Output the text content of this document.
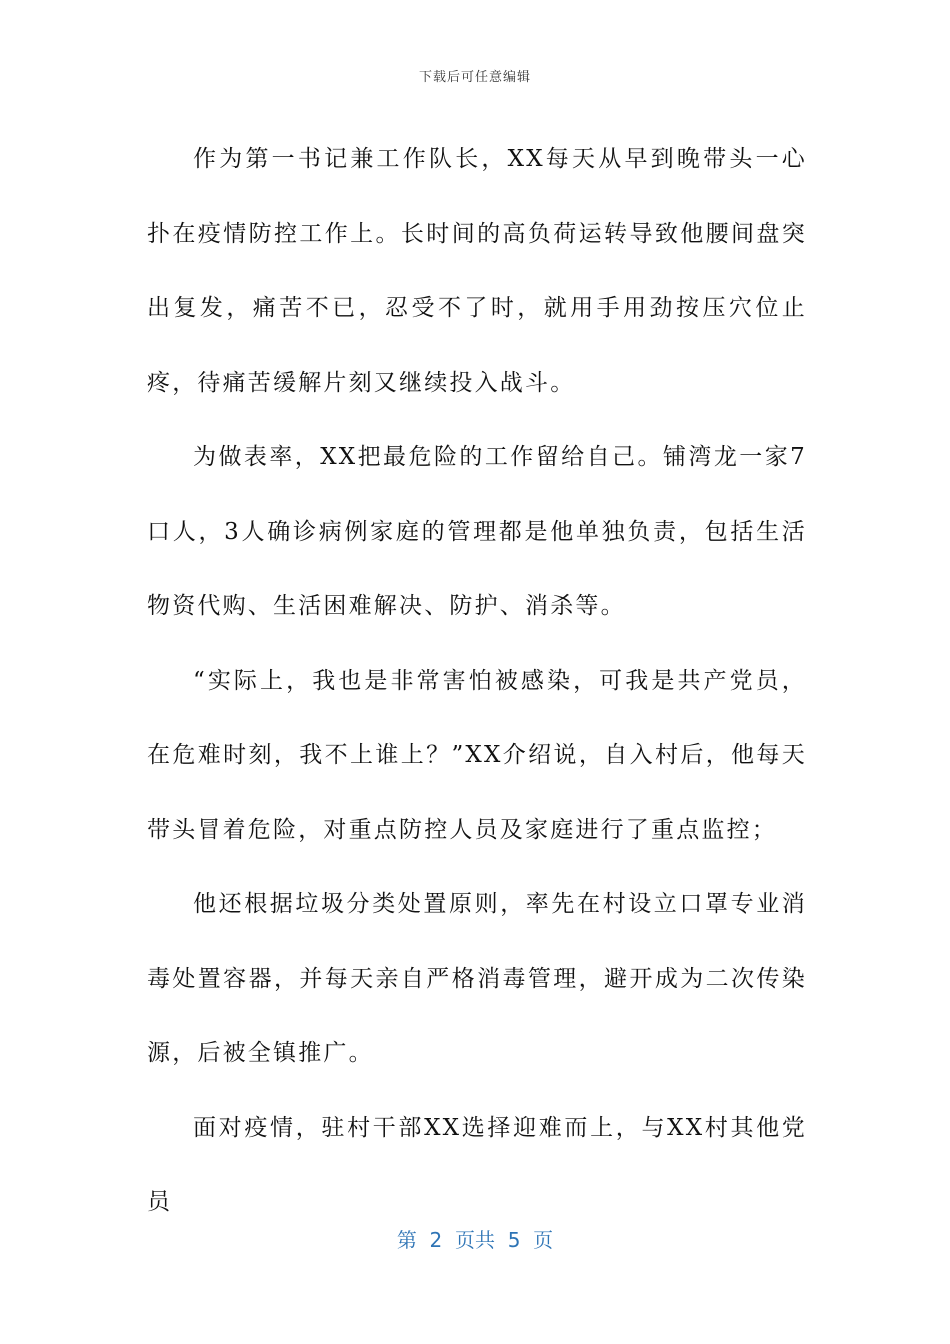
下载后可任意编辑

作为第一书记兼工作队长，XX每天从早到晚带头一心扑在疫情防控工作上。长时间的高负荷运转导致他腰间盘突出复发，痛苦不已，忍受不了时，就用手用劲按压穴位止疼，待痛苦缓解片刻又继续投入战斗。

为做表率，XX把最危险的工作留给自己。铺湾龙一家7口人，3人确诊病例家庭的管理都是他单独负责，包括生活物资代购、生活困难解决、防护、消杀等。

“实际上，我也是非常害怕被感染，可我是共产党员，在危难时刻，我不上谁上？”XX介绍说，自入村后，他每天带头冒着危险，对重点防控人员及家庭进行了重点监控；

他还根据垃圾分类处置原则，率先在村设立口罩专业消毒处置容器，并每天亲自严格消毒管理，避开成为二次传染源，后被全镇推广。

面对疫情，驻村干部XX选择迎难而上，与XX村其他党员

第  2  页共  5  页
